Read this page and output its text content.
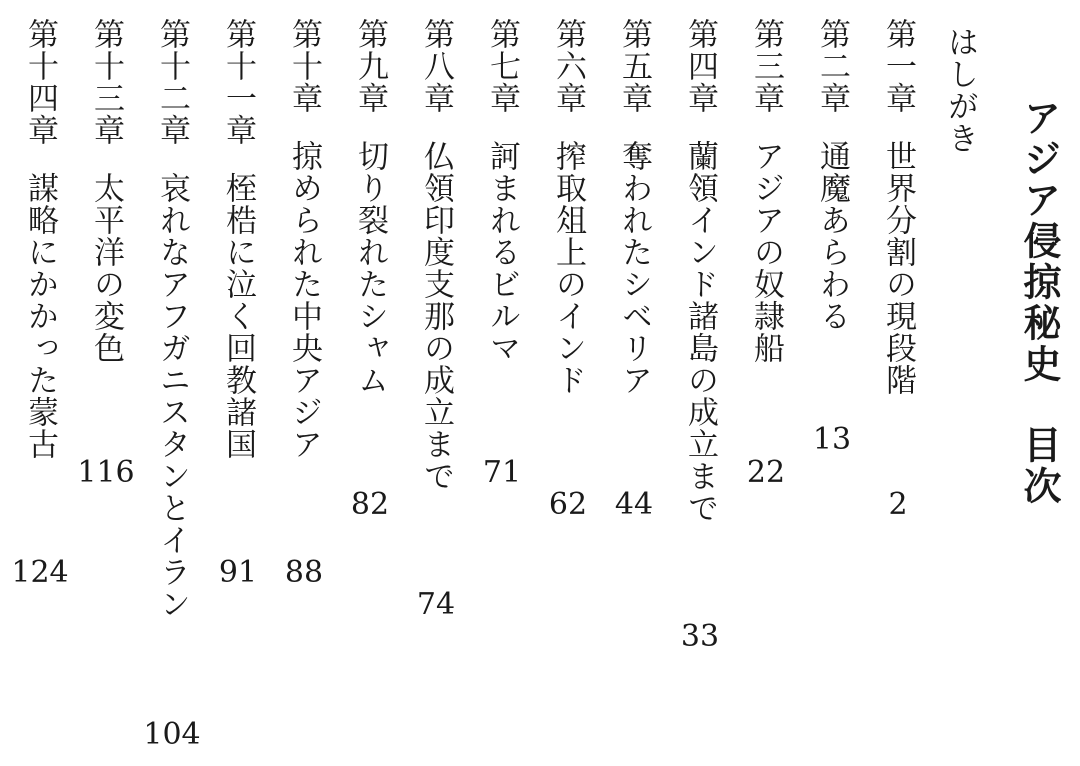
アジア侵掠秘史目次
はしがき
第一章世界分割の現段階
2
第二章通魔あらわる
13
第三章アジアの奴隷船
22
第四章蘭領インド諸島の成立まで
33
第五章奪われたシベリア
44
第六章搾取俎上のインド
62
第七章訶まれるビルマ
71
第八章仏領印度支那の成立まで
74
第九章切り裂れたシャム
82
第十章掠められた中央アジア
88
第十一章桎梏に泣く回教諸国
91
第十二章哀れなアフガニスタンとイラン
104
第十三章太平洋の変色
116
第十四章謀略にかかった蒙古
124
